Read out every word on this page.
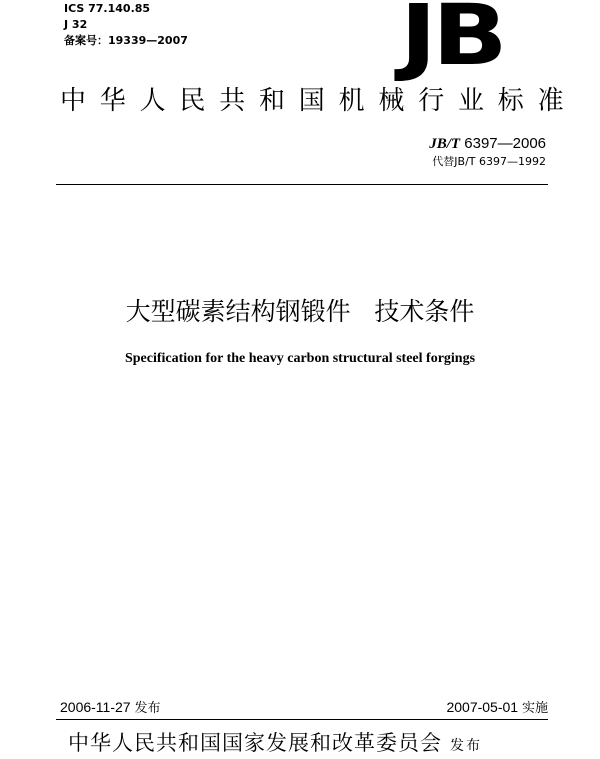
ICS 77.140.85
J 32
备案号：19339—2007	JB
中华人民共和国机械行业标准
JB/T 6397—2006
代替JB/T 6397—1992
大型碳素结构钢锻件   技术条件
Specification for the heavy carbon structural steel forgings
2006-11-27 发布	2007-05-01 实施
中华人民共和国国家发展和改革委员会 发布
